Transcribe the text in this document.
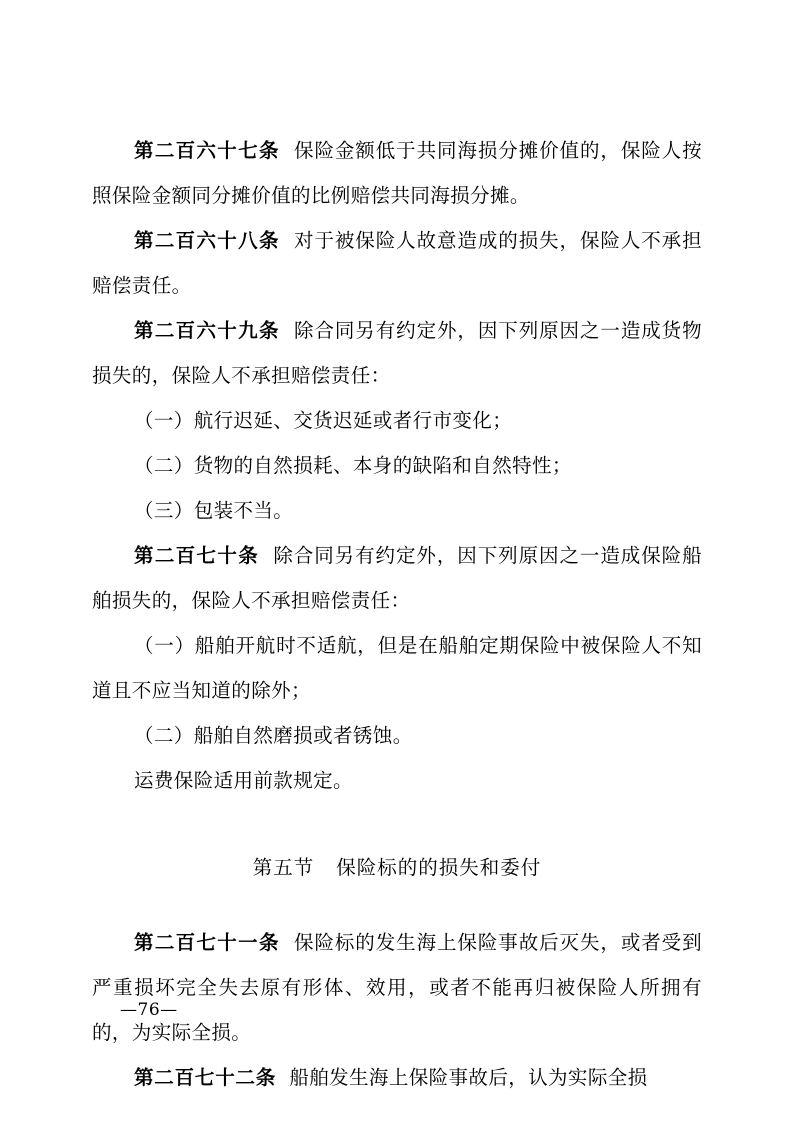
第二百六十七条 保险金额低于共同海损分摊价值的，保险人按照保险金额同分摊价值的比例赔偿共同海损分摊。

第二百六十八条 对于被保险人故意造成的损失，保险人不承担赔偿责任。

第二百六十九条 除合同另有约定外，因下列原因之一造成货物损失的，保险人不承担赔偿责任：

（一）航行迟延、交货迟延或者行市变化；

（二）货物的自然损耗、本身的缺陷和自然特性；

（三）包装不当。

第二百七十条 除合同另有约定外，因下列原因之一造成保险船舶损失的，保险人不承担赔偿责任：

（一）船舶开航时不适航，但是在船舶定期保险中被保险人不知道且不应当知道的除外；

（二）船舶自然磨损或者锈蚀。

运费保险适用前款规定。

第五节 保险标的的损失和委付

第二百七十一条 保险标的发生海上保险事故后灭失，或者受到严重损坏完全失去原有形体、效用，或者不能再归被保险人所拥有的，为实际全损。

第二百七十二条 船舶发生海上保险事故后，认为实际全损

—76—
